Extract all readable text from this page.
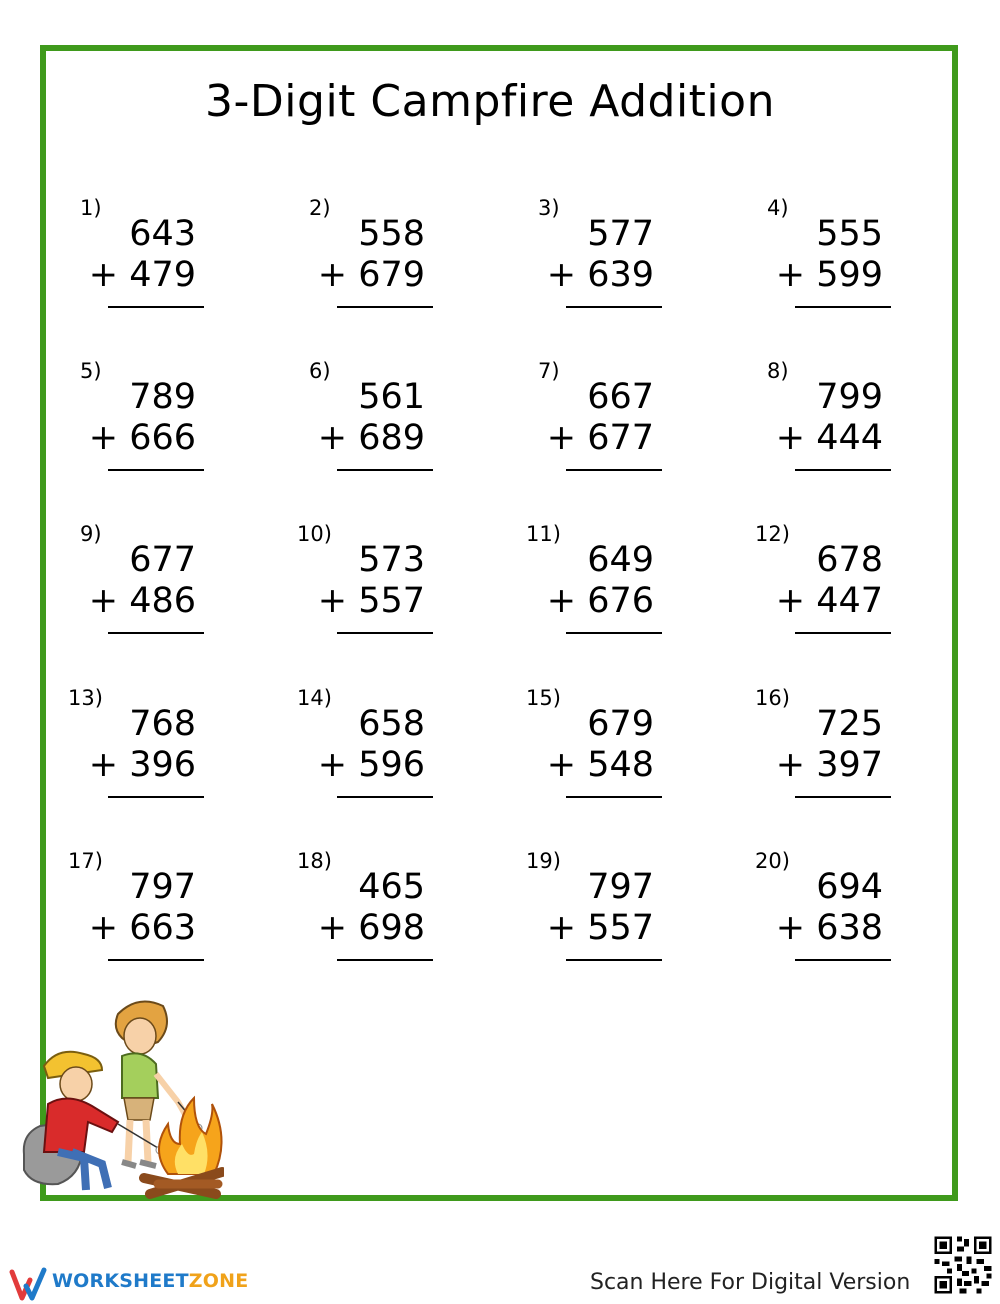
3-Digit Campfire Addition
1)
643
+ 479
2)
558
+ 679
3)
577
+ 639
4)
555
+ 599
5)
789
+ 666
6)
561
+ 689
7)
667
+ 677
8)
799
+ 444
9)
677
+ 486
10)
573
+ 557
11)
649
+ 676
12)
678
+ 447
13)
768
+ 396
14)
658
+ 596
15)
679
+ 548
16)
725
+ 397
17)
797
+ 663
18)
465
+ 698
19)
797
+ 557
20)
694
+ 638
WORKSHEETZONE	Scan Here For Digital Version
